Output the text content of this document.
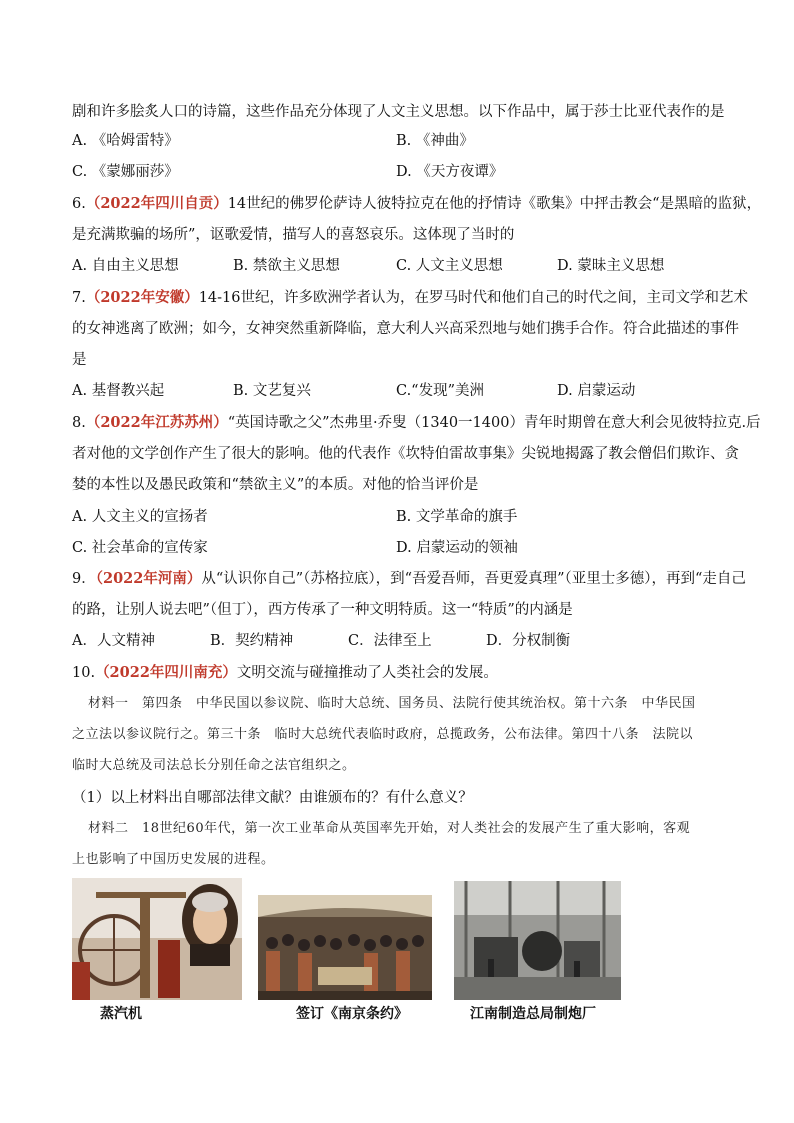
剧和许多脍炙人口的诗篇，这些作品充分体现了人文主义思想。以下作品中，属于莎士比亚代表作的是
A. 《哈姆雷特》	B. 《神曲》
C. 《蒙娜丽莎》	D. 《天方夜谭》
6.（2022年四川自贡）14世纪的佛罗伦萨诗人彼特拉克在他的抒情诗《歌集》中抨击教会“是黑暗的监狱，
是充满欺骗的场所”，讴歌爱情，描写人的喜怒哀乐。这体现了当时的
A. 自由主义思想	B. 禁欲主义思想	C. 人文主义思想	D. 蒙昧主义思想
7.（2022年安徽）14-16世纪，许多欧洲学者认为，在罗马时代和他们自己的时代之间，主司文学和艺术
的女神逃离了欧洲；如今，女神突然重新降临，意大利人兴高采烈地与她们携手合作。符合此描述的事件
是
A. 基督教兴起	B. 文艺复兴	C.“发现”美洲	D. 启蒙运动
8.（2022年江苏苏州）“英国诗歌之父”杰弗里·乔叟（1340一1400）青年时期曾在意大利会见彼特拉克.后
者对他的文学创作产生了很大的影响。他的代表作《坎特伯雷故事集》尖锐地揭露了教会僧侣们欺诈、贪
婪的本性以及愚民政策和“禁欲主义”的本质。对他的恰当评价是
A. 人文主义的宣扬者	B. 文学革命的旗手
C. 社会革命的宣传家	D. 启蒙运动的领袖
9．（2022年河南）从“认识你自己”（苏格拉底），到“吾爱吾师，吾更爱真理”（亚里士多德），再到“走自己
的路，让别人说去吧”（但丁），西方传承了一种文明特质。这一“特质”的内涵是
A．人文精神	B．契约精神	C．法律至上	D．分权制衡
10.（2022年四川南充）文明交流与碰撞推动了人类社会的发展。
材料一　第四条　中华民国以参议院、临时大总统、国务员、法院行使其统治权。第十六条　中华民国
之立法以参议院行之。第三十条　临时大总统代表临时政府，总揽政务，公布法律。第四十八条　法院以
临时大总统及司法总长分别任命之法官组织之。
（1）以上材料出自哪部法律文献？由谁颁布的？有什么意义？
材料二　18世纪60年代，第一次工业革命从英国率先开始，对人类社会的发展产生了重大影响，客观
上也影响了中国历史发展的进程。
蒸汽机	签订《南京条约》	江南制造总局制炮厂
